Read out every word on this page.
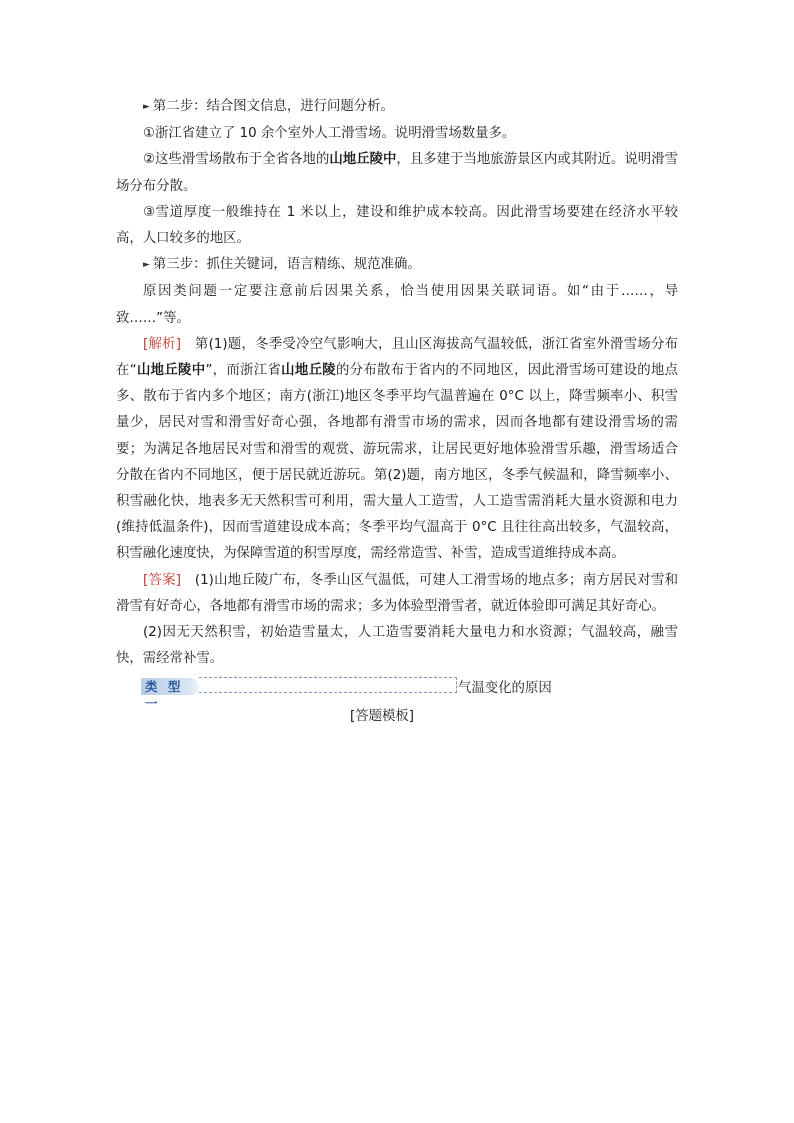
► 第二步：结合图文信息，进行问题分析。

①浙江省建立了 10 余个室外人工滑雪场。说明滑雪场数量多。

②这些滑雪场散布于全省各地的山地丘陵中，且多建于当地旅游景区内或其附近。说明滑雪场分布分散。

③雪道厚度一般维持在 1 米以上，建设和维护成本较高。因此滑雪场要建在经济水平较高，人口较多的地区。

► 第三步：抓住关键词，语言精练、规范准确。

原因类问题一定要注意前后因果关系，恰当使用因果关联词语。如“由于……，导致……”等。

[解析]　第(1)题，冬季受冷空气影响大，且山区海拔高气温较低，浙江省室外滑雪场分布在“山地丘陵中”，而浙江省山地丘陵的分布散布于省内的不同地区，因此滑雪场可建设的地点多、散布于省内多个地区；南方(浙江)地区冬季平均气温普遍在 0°C 以上，降雪频率小、积雪量少，居民对雪和滑雪好奇心强，各地都有滑雪市场的需求，因而各地都有建设滑雪场的需要；为满足各地居民对雪和滑雪的观赏、游玩需求，让居民更好地体验滑雪乐趣，滑雪场适合分散在省内不同地区，便于居民就近游玩。第(2)题，南方地区，冬季气候温和，降雪频率小、积雪融化快，地表多无天然积雪可利用，需大量人工造雪，人工造雪需消耗大量水资源和电力(维持低温条件)，因而雪道建设成本高；冬季平均气温高于 0°C 且往往高出较多，气温较高，积雪融化速度快，为保障雪道的积雪厚度，需经常造雪、补雪，造成雪道维持成本高。

[答案]　(1)山地丘陵广布，冬季山区气温低，可建人工滑雪场的地点多；南方居民对雪和滑雪有好奇心，各地都有滑雪市场的需求；多为体验型滑雪者，就近体验即可满足其好奇心。

(2)因无天然积雪，初始造雪量太，人工造雪要消耗大量电力和水资源；气温较高，融雪快，需经常补雪。

类 型 一
气温变化的原因
[答题模板]
